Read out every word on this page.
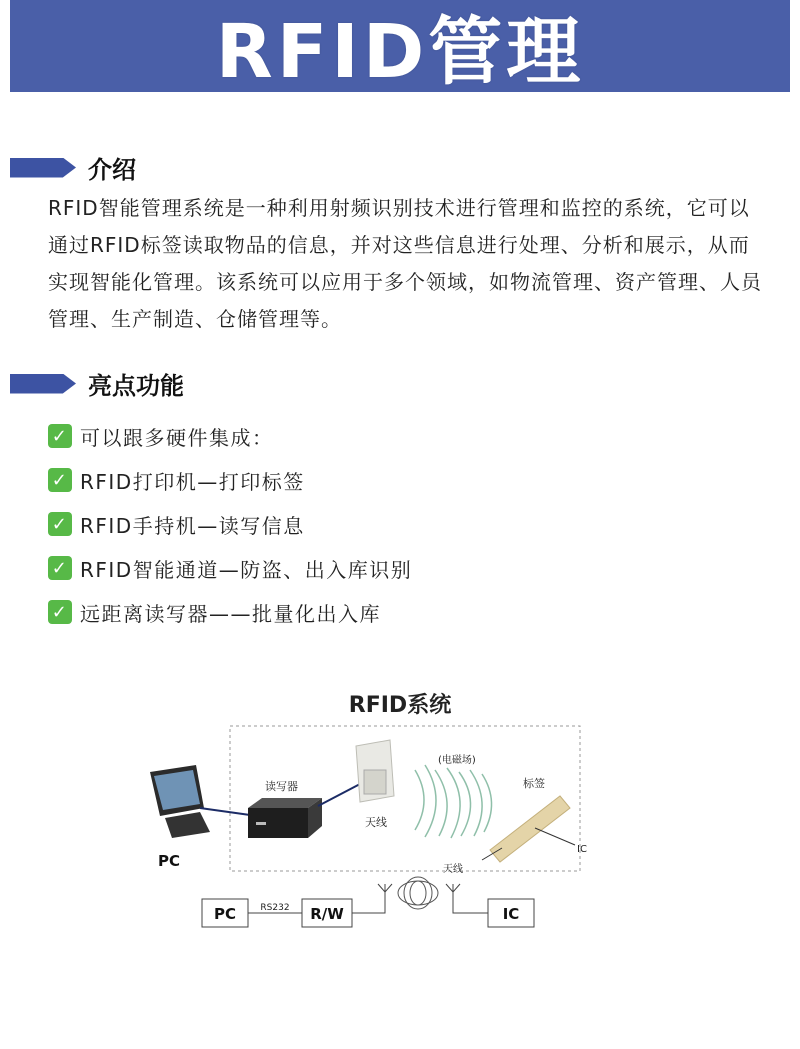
RFID管理
介绍

RFID智能管理系统是一种利用射频识别技术进行管理和监控的系统，它可以通过RFID标签读取物品的信息，并对这些信息进行处理、分析和展示，从而实现智能化管理。该系统可以应用于多个领域，如物流管理、资产管理、人员管理、生产制造、仓储管理等。

亮点功能
✓ 可以跟多硬件集成：
✓ RFID打印机—打印标签
✓ RFID手持机—读写信息
✓ RFID智能通道—防盗、出入库识别
✓ 远距离读写器——批量化出入库
RFID系统
PC
读写器
天线
(电磁场)
标签
IC
天线
PC	RS232 R/W	IC
